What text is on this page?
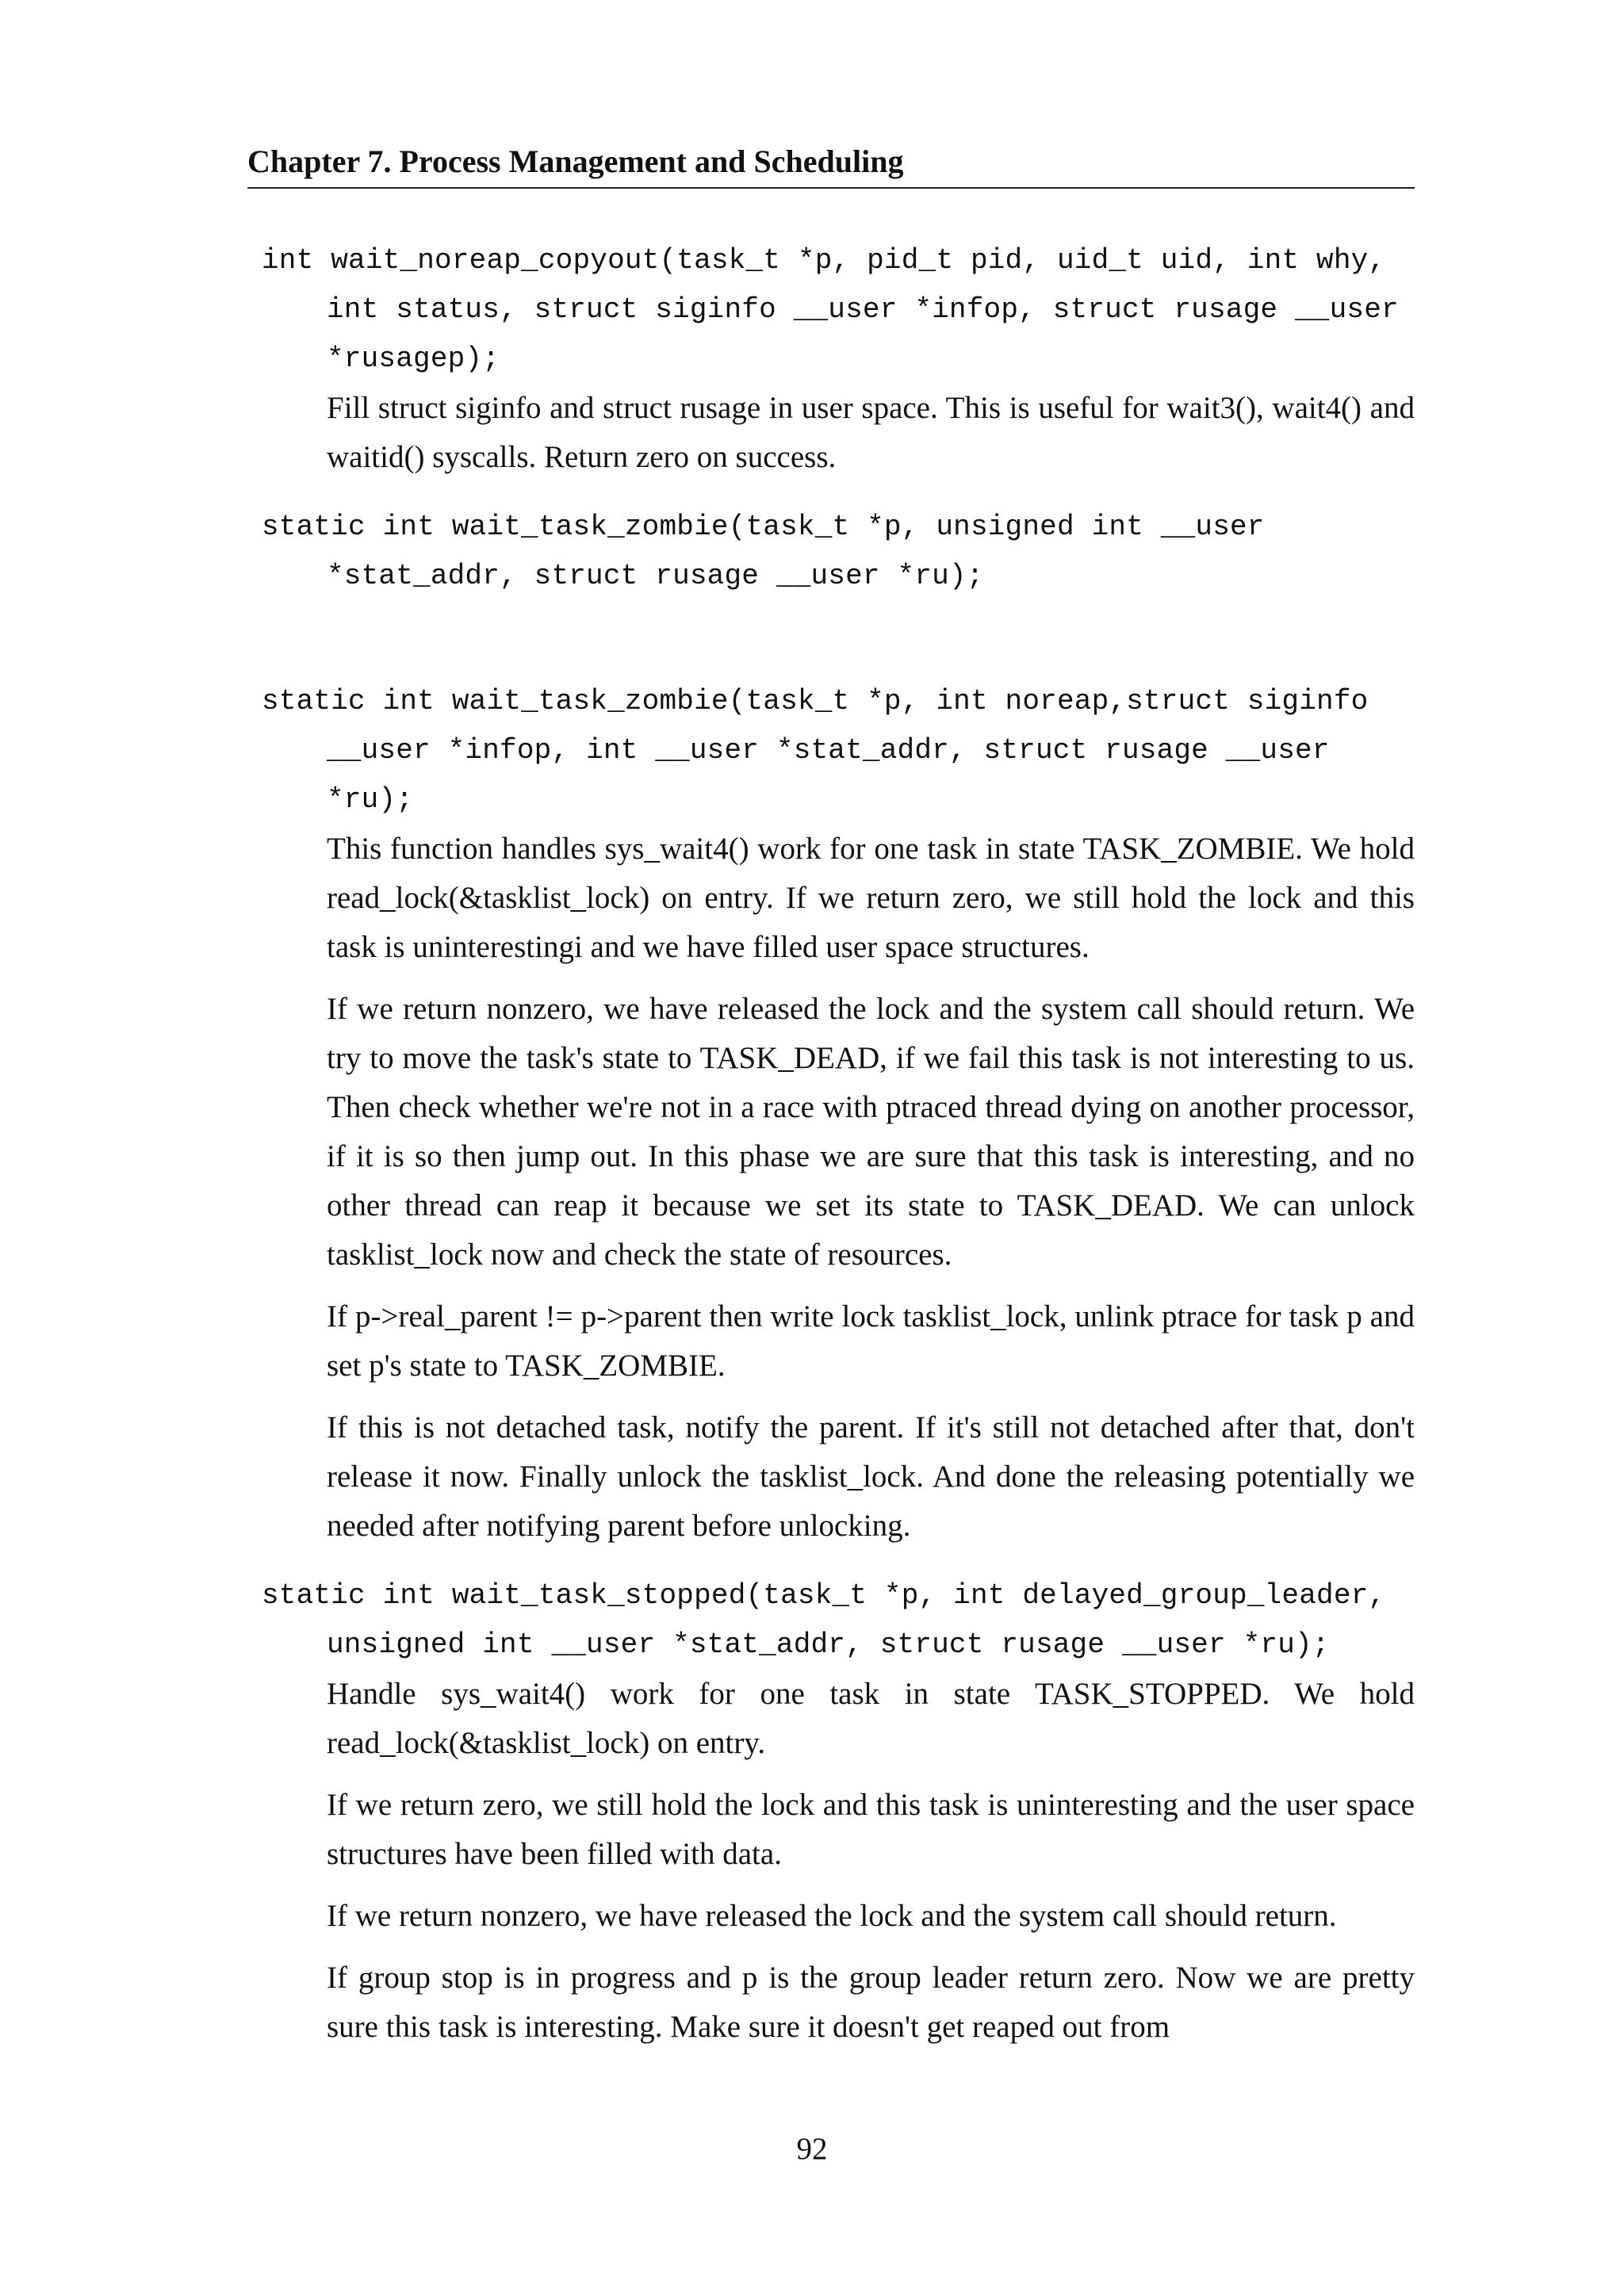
Chapter 7. Process Management and Scheduling
int wait_noreap_copyout(task_t *p, pid_t pid, uid_t uid, int why, int status, struct siginfo __user *infop, struct rusage __user *rusagep);

Fill struct siginfo and struct rusage in user space. This is useful for wait3(), wait4() and waitid() syscalls. Return zero on success.

static int wait_task_zombie(task_t *p, unsigned int __user *stat_addr, struct rusage __user *ru);
static int wait_task_zombie(task_t *p, int noreap,struct siginfo __user *infop, int __user *stat_addr, struct rusage __user *ru);

This function handles sys_wait4() work for one task in state TASK_ZOMBIE. We hold read_lock(&tasklist_lock) on entry. If we return zero, we still hold the lock and this task is uninterestingi and we have filled user space structures.

If we return nonzero, we have released the lock and the system call should return. We try to move the task's state to TASK_DEAD, if we fail this task is not interesting to us. Then check whether we're not in a race with ptraced thread dying on another processor, if it is so then jump out. In this phase we are sure that this task is interesting, and no other thread can reap it because we set its state to TASK_DEAD. We can unlock tasklist_lock now and check the state of resources.

If p->real_parent != p->parent then write lock tasklist_lock, unlink ptrace for task p and set p's state to TASK_ZOMBIE.

If this is not detached task, notify the parent. If it's still not detached after that, don't release it now. Finally unlock the tasklist_lock. And done the releasing potentially we needed after notifying parent before unlocking.

static int wait_task_stopped(task_t *p, int delayed_group_leader, unsigned int __user *stat_addr, struct rusage __user *ru);

Handle sys_wait4() work for one task in state TASK_STOPPED. We hold read_lock(&tasklist_lock) on entry.

If we return zero, we still hold the lock and this task is uninteresting and the user space structures have been filled with data.

If we return nonzero, we have released the lock and the system call should return.

If group stop is in progress and p is the group leader return zero. Now we are pretty sure this task is interesting. Make sure it doesn't get reaped out from

92
